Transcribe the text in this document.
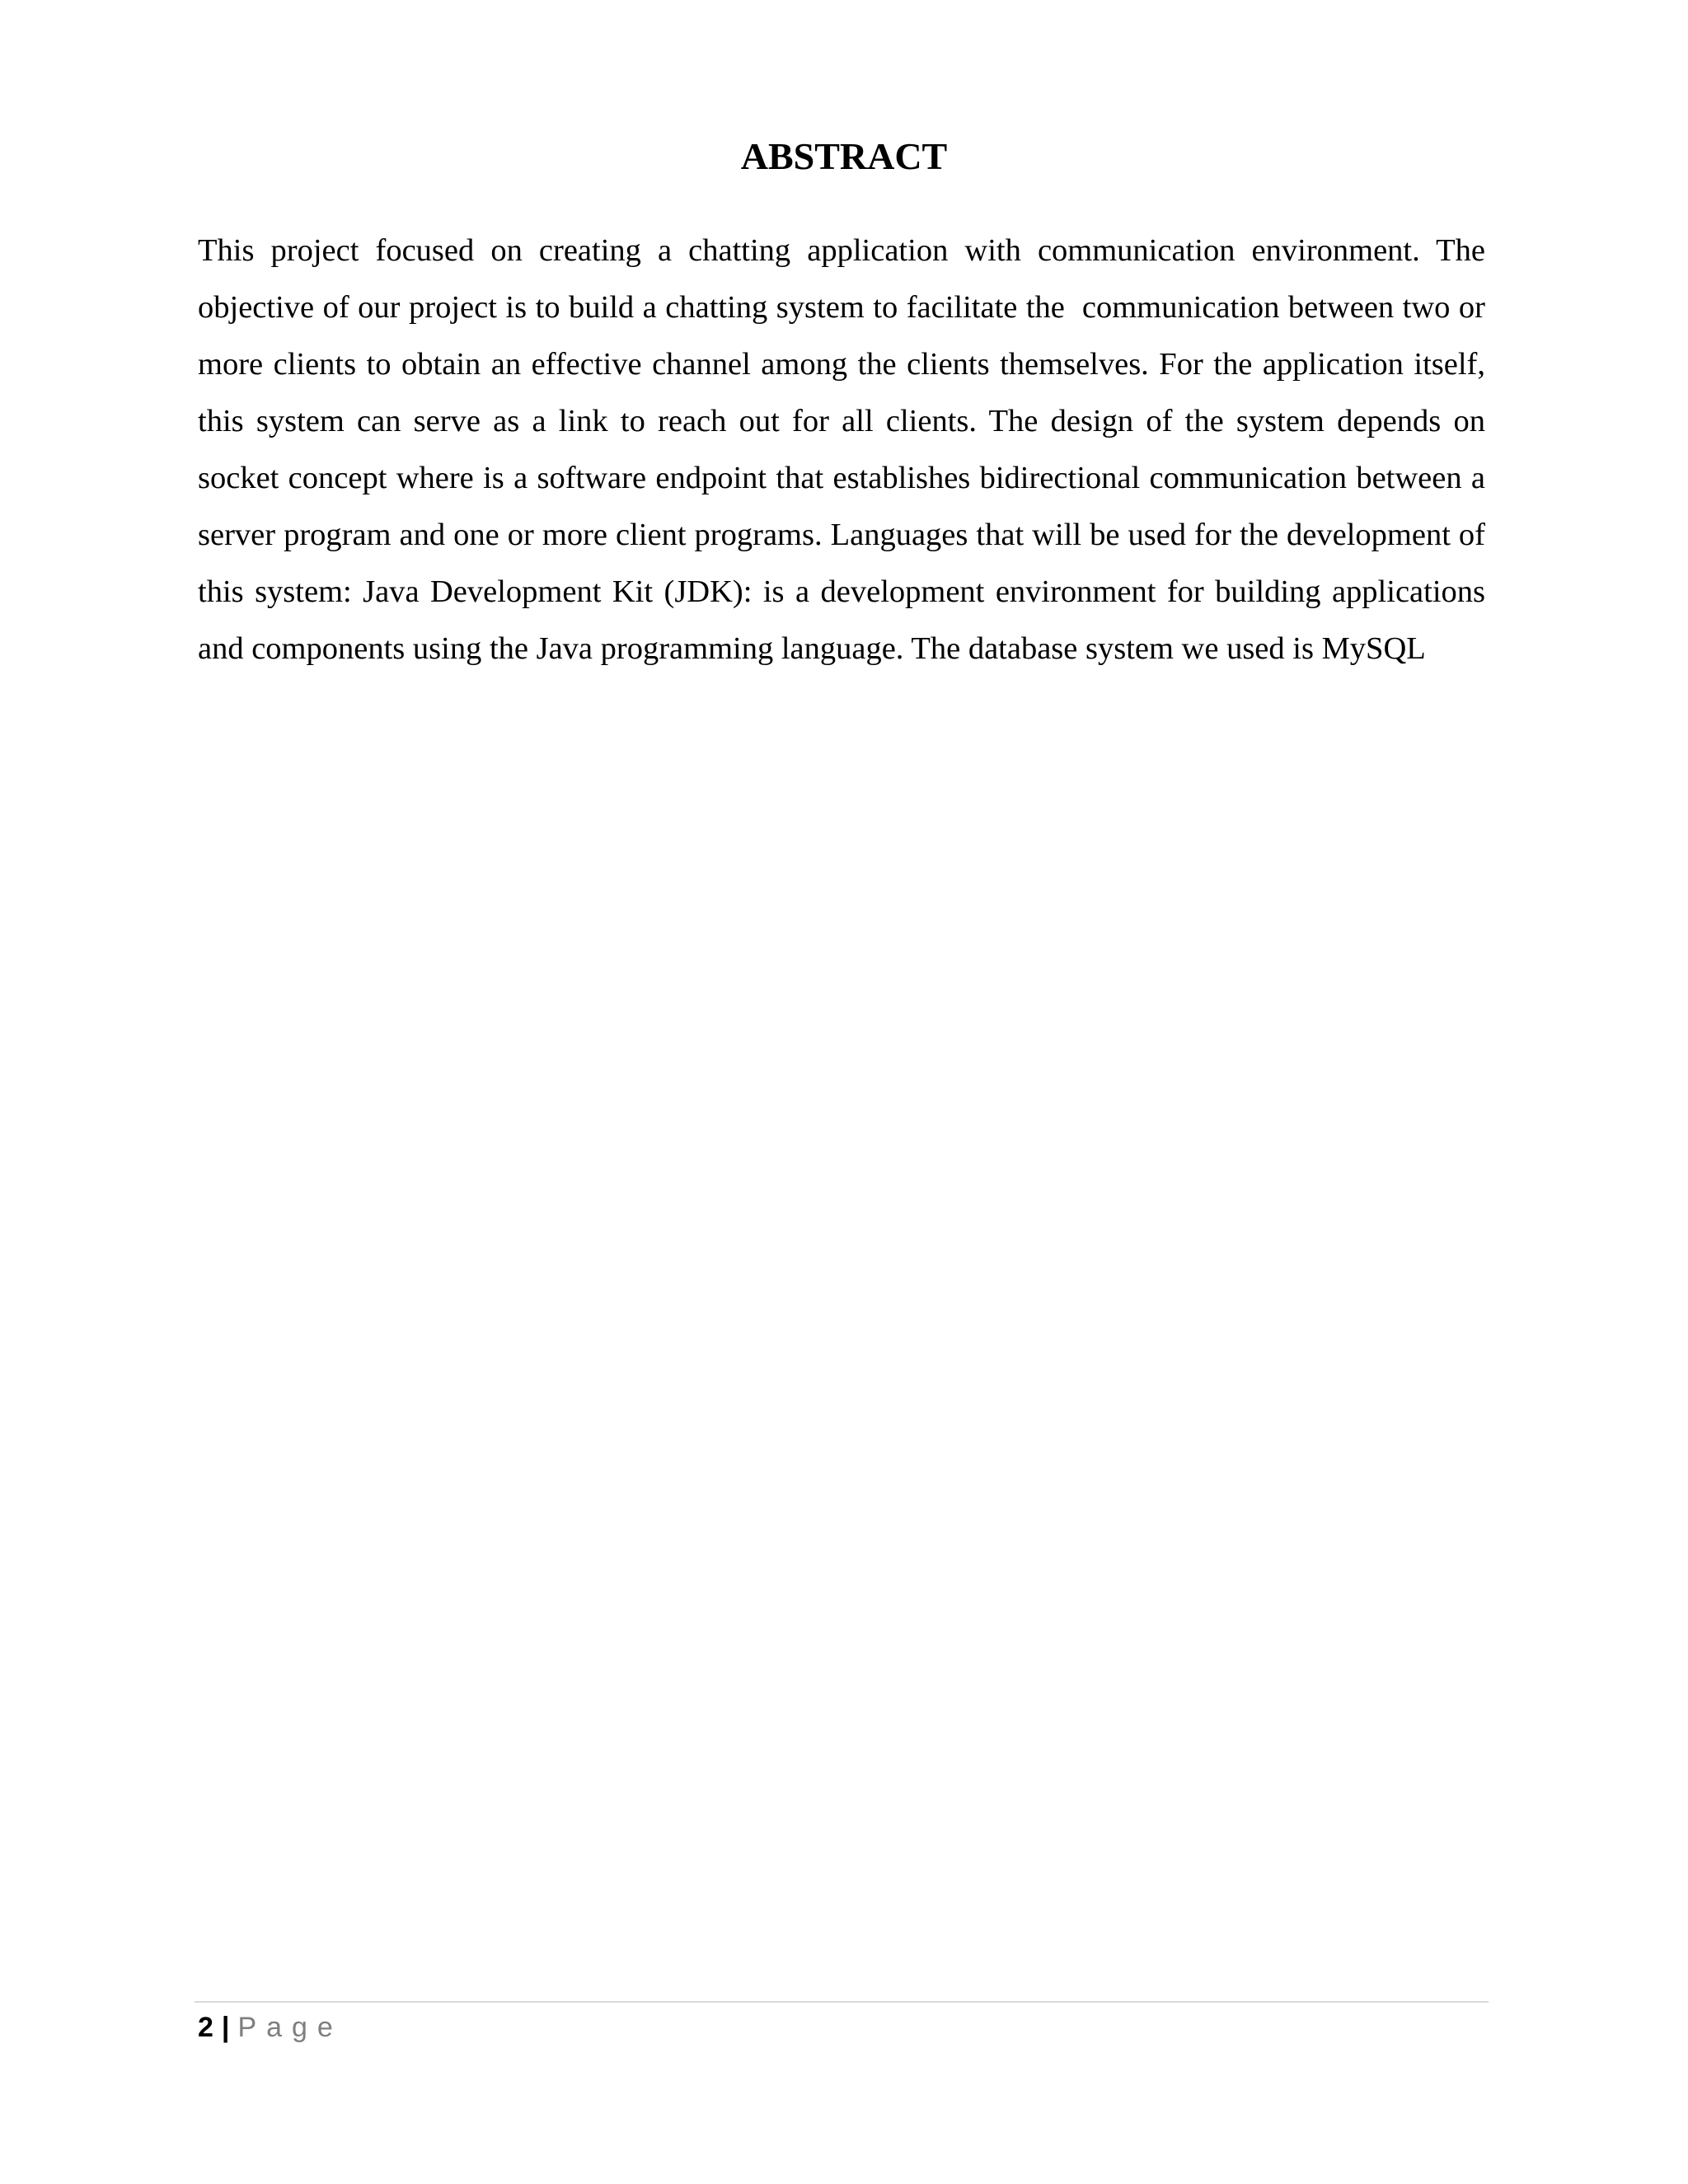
ABSTRACT

This project focused on creating a chatting application with communication environment. The objective of our project is to build a chatting system to facilitate the  communication between two or more clients to obtain an effective channel among the clients themselves. For the application itself, this system can serve as a link to reach out for all clients. The design of the system depends on socket concept where is a software endpoint that establishes bidirectional communication between a server program and one or more client programs. Languages that will be used for the development of this system: Java Development Kit (JDK): is a development environment for building applications and components using the Java programming language. The database system we used is MySQL

2 | Page
